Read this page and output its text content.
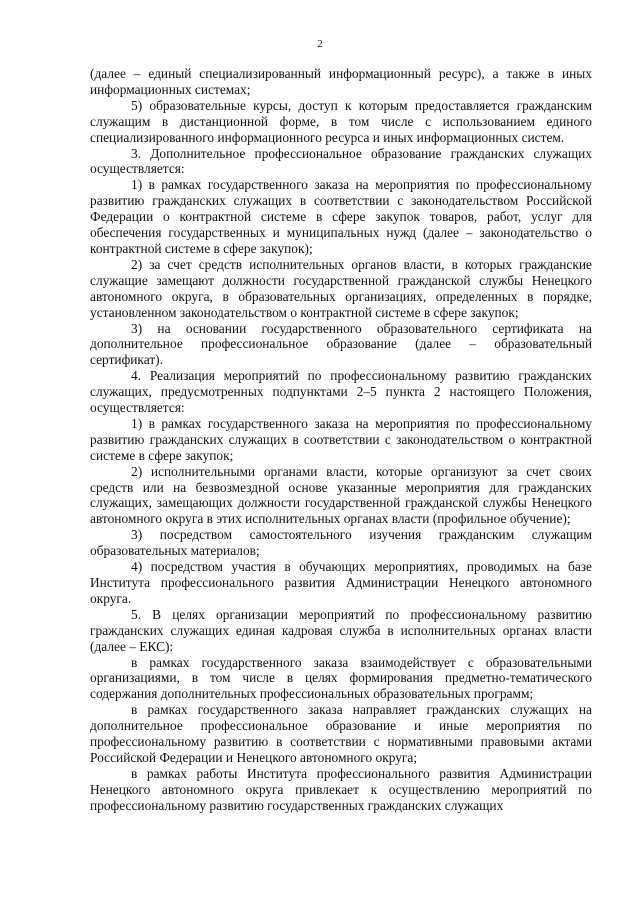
2

(далее – единый специализированный информационный ресурс), а также в иных информационных системах;

5) образовательные курсы, доступ к которым предоставляется гражданским служащим в дистанционной форме, в том числе с использованием единого специализированного информационного ресурса и иных информационных систем.

3. Дополнительное профессиональное образование гражданских служащих осуществляется:

1) в рамках государственного заказа на мероприятия по профессиональному развитию гражданских служащих в соответствии с законодательством Российской Федерации о контрактной системе в сфере закупок товаров, работ, услуг для обеспечения государственных и муниципальных нужд (далее – законодательство о контрактной системе в сфере закупок);

2) за счет средств исполнительных органов власти, в которых гражданские служащие замещают должности государственной гражданской службы Ненецкого автономного округа, в образовательных организациях, определенных в порядке, установленном законодательством о контрактной системе в сфере закупок;

3) на основании государственного образовательного сертификата на дополнительное профессиональное образование (далее – образовательный сертификат).

4. Реализация мероприятий по профессиональному развитию гражданских служащих, предусмотренных подпунктами 2–5 пункта 2 настоящего Положения, осуществляется:

1) в рамках государственного заказа на мероприятия по профессиональному развитию гражданских служащих в соответствии с законодательством о контрактной системе в сфере закупок;

2) исполнительными органами власти, которые организуют за счет своих средств или на безвозмездной основе указанные мероприятия для гражданских служащих, замещающих должности государственной гражданской службы Ненецкого автономного округа в этих исполнительных органах власти (профильное обучение);

3) посредством самостоятельного изучения гражданским служащим образовательных материалов;

4) посредством участия в обучающих мероприятиях, проводимых на базе Института профессионального развития Администрации Ненецкого автономного округа.

5. В целях организации мероприятий по профессиональному развитию гражданских служащих единая кадровая служба в исполнительных органах власти (далее – ЕКС):

в рамках государственного заказа взаимодействует с образовательными организациями, в том числе в целях формирования предметно-тематического содержания дополнительных профессиональных образовательных программ;

в рамках государственного заказа направляет гражданских служащих на дополнительное профессиональное образование и иные мероприятия по профессиональному развитию в соответствии с нормативными правовыми актами Российской Федерации и Ненецкого автономного округа;

в рамках работы Института профессионального развития Администрации Ненецкого автономного округа привлекает к осуществлению мероприятий по профессиональному развитию государственных гражданских служащих
